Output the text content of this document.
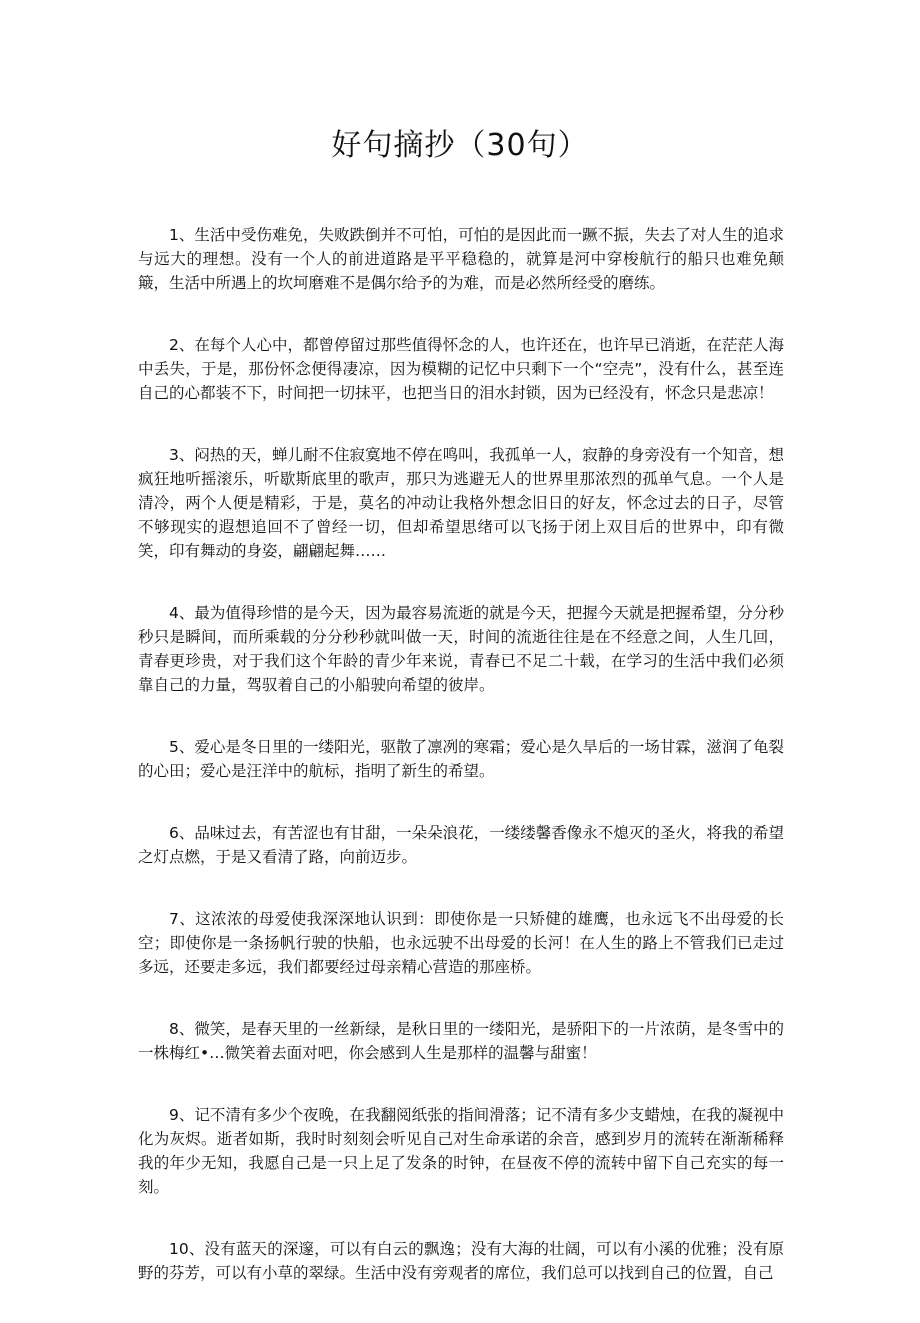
好句摘抄（30句）

1、生活中受伤难免，失败跌倒并不可怕，可怕的是因此而一蹶不振，失去了对人生的追求与远大的理想。没有一个人的前进道路是平平稳稳的，就算是河中穿梭航行的船只也难免颠簸，生活中所遇上的坎坷磨难不是偶尔给予的为难，而是必然所经受的磨练。

2、在每个人心中，都曾停留过那些值得怀念的人，也许还在，也许早已消逝，在茫茫人海中丢失，于是，那份怀念便得凄凉，因为模糊的记忆中只剩下一个“空壳”，没有什么，甚至连自己的心都装不下，时间把一切抹平，也把当日的泪水封锁，因为已经没有，怀念只是悲凉！

3、闷热的天，蝉儿耐不住寂寞地不停在鸣叫，我孤单一人，寂静的身旁没有一个知音，想疯狂地听摇滚乐，听歇斯底里的歌声，那只为逃避无人的世界里那浓烈的孤单气息。一个人是清冷，两个人便是精彩，于是，莫名的冲动让我格外想念旧日的好友，怀念过去的日子，尽管不够现实的遐想追回不了曾经一切，但却希望思绪可以飞扬于闭上双目后的世界中，印有微笑，印有舞动的身姿，翩翩起舞……

4、最为值得珍惜的是今天，因为最容易流逝的就是今天，把握今天就是把握希望，分分秒秒只是瞬间，而所乘载的分分秒秒就叫做一天，时间的流逝往往是在不经意之间，人生几回，青春更珍贵，对于我们这个年龄的青少年来说，青春已不足二十载，在学习的生活中我们必须靠自己的力量，驾驭着自己的小船驶向希望的彼岸。

5、爱心是冬日里的一缕阳光，驱散了凛冽的寒霜；爱心是久旱后的一场甘霖，滋润了龟裂的心田；爱心是汪洋中的航标，指明了新生的希望。

6、品味过去，有苦涩也有甘甜，一朵朵浪花，一缕缕馨香像永不熄灭的圣火，将我的希望之灯点燃，于是又看清了路，向前迈步。

7、这浓浓的母爱使我深深地认识到：即使你是一只矫健的雄鹰，也永远飞不出母爱的长空；即使你是一条扬帆行驶的快船，也永远驶不出母爱的长河！在人生的路上不管我们已走过多远，还要走多远，我们都要经过母亲精心营造的那座桥。

8、微笑，是春天里的一丝新绿，是秋日里的一缕阳光，是骄阳下的一片浓荫，是冬雪中的一株梅红•…微笑着去面对吧，你会感到人生是那样的温馨与甜蜜！

9、记不清有多少个夜晚，在我翻阅纸张的指间滑落；记不清有多少支蜡烛，在我的凝视中化为灰烬。逝者如斯，我时时刻刻会听见自己对生命承诺的余音，感到岁月的流转在渐渐稀释我的年少无知，我愿自己是一只上足了发条的时钟，在昼夜不停的流转中留下自己充实的每一刻。

10、没有蓝天的深邃，可以有白云的飘逸；没有大海的壮阔，可以有小溪的优雅；没有原野的芬芳，可以有小草的翠绿。生活中没有旁观者的席位，我们总可以找到自己的位置，自己
